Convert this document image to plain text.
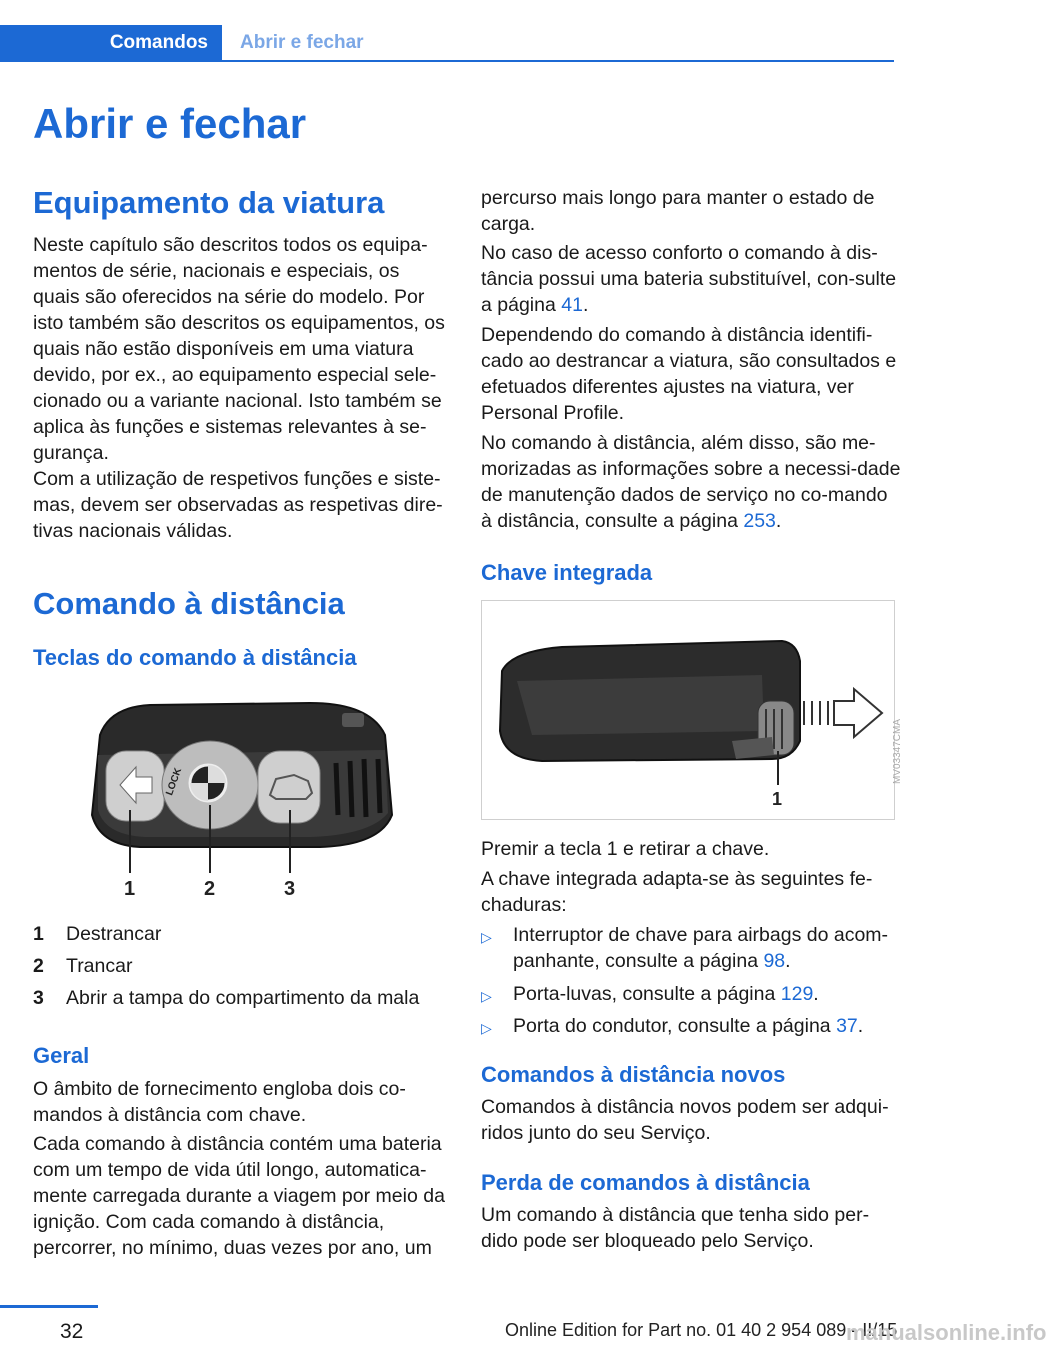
Comandos	Abrir e fechar
Abrir e fechar
Equipamento da viatura

Neste capítulo são descritos todos os equipa‐mentos de série, nacionais e especiais, os quais são oferecidos na série do modelo. Por isto também são descritos os equipamentos, os quais não estão disponíveis em uma viatura devido, por ex., ao equipamento especial sele‐cionado ou a variante nacional. Isto também se aplica às funções e sistemas relevantes à se‐gurança.

Com a utilização de respetivos funções e siste‐mas, devem ser observadas as respetivas dire‐tivas nacionais válidas.

Comando à distância
Teclas do comando à distância
LOCK
1	2	3
1	Destrancar
2	Trancar
3	Abrir a tampa do compartimento da mala
Geral

O âmbito de fornecimento engloba dois co‐mandos à distância com chave.

Cada comando à distância contém uma bateria com um tempo de vida útil longo, automatica‐mente carregada durante a viagem por meio da ignição. Com cada comando à distância, percorrer, no mínimo, duas vezes por ano, um

percurso mais longo para manter o estado de carga.

No caso de acesso conforto o comando à dis‐tância possui uma bateria substituível, con‐sulte a página 41.

Dependendo do comando à distância identifi‐cado ao destrancar a viatura, são consultados e efetuados diferentes ajustes na viatura, ver Personal Profile.

No comando à distância, além disso, são me‐morizadas as informações sobre a necessi‐dade de manutenção dados de serviço no co‐mando à distância, consulte a página 253.

Chave integrada
1
MV03347CMA

Premir a tecla 1 e retirar a chave.

A chave integrada adapta-se às seguintes fe‐chaduras:

▷	Interruptor de chave para airbags do acom‐panhante, consulte a página 98.
▷	Porta-luvas, consulte a página 129.
▷	Porta do condutor, consulte a página 37.
Comandos à distância novos

Comandos à distância novos podem ser adqui‐ridos junto do seu Serviço.

Perda de comandos à distância

Um comando à distância que tenha sido per‐dido pode ser bloqueado pelo Serviço.

32	Online Edition for Part no. 01 40 2 954 089 - II/15
manualsonline.info
